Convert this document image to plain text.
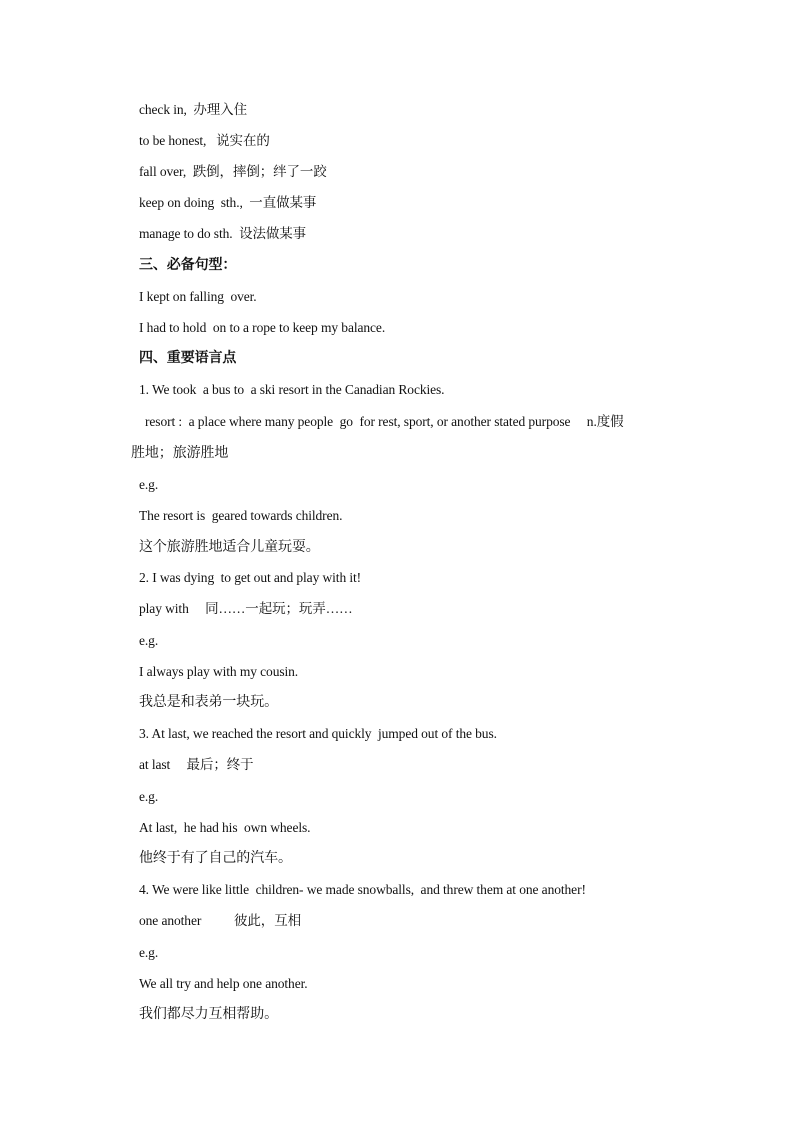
check in,  办理入住

to be honest,   说实在的

fall over,  跌倒，摔倒；绊了一跤

keep on doing  sth.,  一直做某事

manage to do sth.  设法做某事

三、必备句型：

I kept on falling  over.

I had to hold  on to a rope to keep my balance.

四、重要语言点

1. We took  a bus to  a ski resort in the Canadian Rockies.

resort :  a place where many people  go  for rest, sport, or another stated purpose     n.度假

胜地；旅游胜地

e.g.

The resort is  geared towards children.

这个旅游胜地适合儿童玩耍。

2. I was dying  to get out and play with it!

play with     同……一起玩；玩弄……

e.g.

I always play with my cousin.

我总是和表弟一块玩。

3. At last, we reached the resort and quickly  jumped out of the bus.

at last     最后；终于

e.g.

At last,  he had his  own wheels.

他终于有了自己的汽车。

4. We were like little  children- we made snowballs,  and threw them at one another!

one another          彼此，互相

e.g.

We all try and help one another.

我们都尽力互相帮助。
